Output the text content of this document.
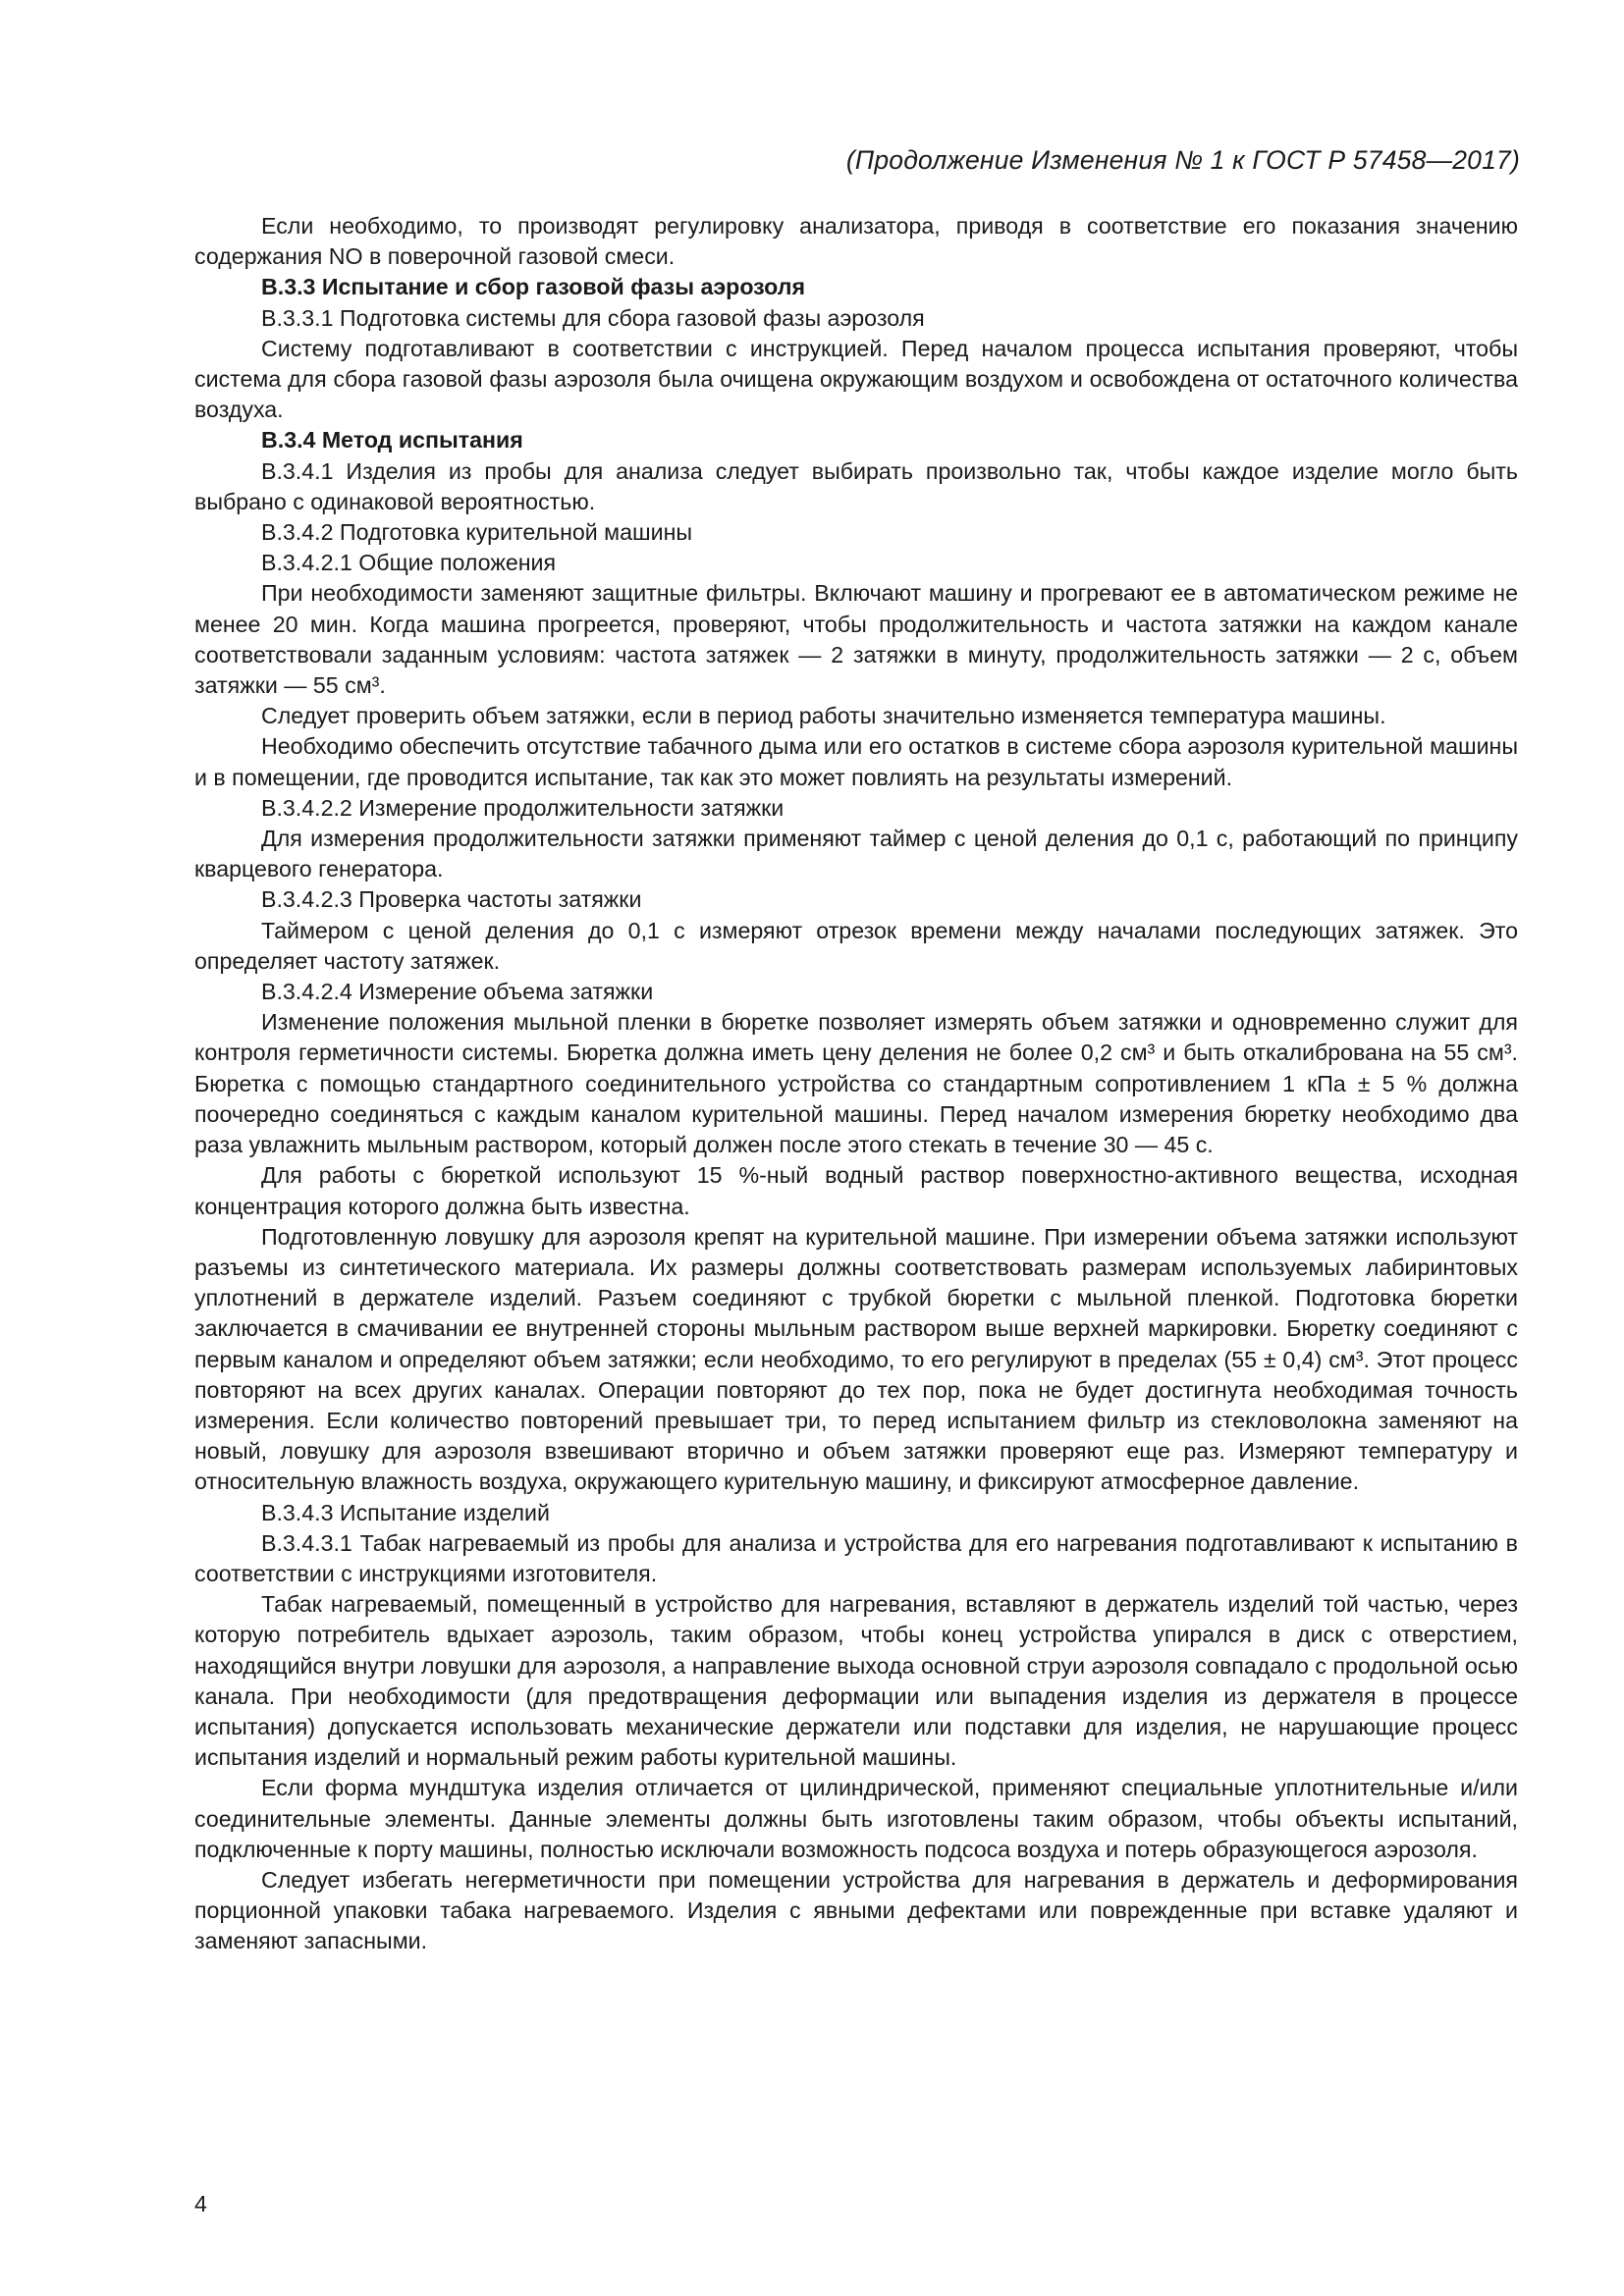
(Продолжение Изменения № 1 к ГОСТ Р 57458—2017)

Если необходимо, то производят регулировку анализатора, приводя в соответствие его показания значению содержания NO в поверочной газовой смеси.

В.3.3 Испытание и сбор газовой фазы аэрозоля

В.3.3.1 Подготовка системы для сбора газовой фазы аэрозоля

Систему подготавливают в соответствии с инструкцией. Перед началом процесса испытания проверяют, чтобы система для сбора газовой фазы аэрозоля была очищена окружающим воздухом и освобождена от остаточного количества воздуха.

В.3.4 Метод испытания

В.3.4.1 Изделия из пробы для анализа следует выбирать произвольно так, чтобы каждое изделие могло быть выбрано с одинаковой вероятностью.

В.3.4.2 Подготовка курительной машины

В.3.4.2.1 Общие положения

При необходимости заменяют защитные фильтры. Включают машину и прогревают ее в автоматическом режиме не менее 20 мин. Когда машина прогреется, проверяют, чтобы продолжительность и частота затяжки на каждом канале соответствовали заданным условиям: частота затяжек — 2 затяжки в минуту, продолжительность затяжки — 2 с, объем затяжки — 55 см³.

Следует проверить объем затяжки, если в период работы значительно изменяется температура машины.

Необходимо обеспечить отсутствие табачного дыма или его остатков в системе сбора аэрозоля курительной машины и в помещении, где проводится испытание, так как это может повлиять на результаты измерений.

В.3.4.2.2 Измерение продолжительности затяжки

Для измерения продолжительности затяжки применяют таймер с ценой деления до 0,1 с, работающий по принципу кварцевого генератора.

В.3.4.2.3 Проверка частоты затяжки

Таймером с ценой деления до 0,1 с измеряют отрезок времени между началами последующих затяжек. Это определяет частоту затяжек.

В.3.4.2.4 Измерение объема затяжки

Изменение положения мыльной пленки в бюретке позволяет измерять объем затяжки и одновременно служит для контроля герметичности системы. Бюретка должна иметь цену деления не более 0,2 см³ и быть откалибрована на 55 см³. Бюретка с помощью стандартного соединительного устройства со стандартным сопротивлением 1 кПа ± 5 % должна поочередно соединяться с каждым каналом курительной машины. Перед началом измерения бюретку необходимо два раза увлажнить мыльным раствором, который должен после этого стекать в течение 30 — 45 с.

Для работы с бюреткой используют 15 %-ный водный раствор поверхностно-активного вещества, исходная концентрация которого должна быть известна.

Подготовленную ловушку для аэрозоля крепят на курительной машине. При измерении объема затяжки используют разъемы из синтетического материала. Их размеры должны соответствовать размерам используемых лабиринтовых уплотнений в держателе изделий. Разъем соединяют с трубкой бюретки с мыльной пленкой. Подготовка бюретки заключается в смачивании ее внутренней стороны мыльным раствором выше верхней маркировки. Бюретку соединяют с первым каналом и определяют объем затяжки; если необходимо, то его регулируют в пределах (55 ± 0,4) см³. Этот процесс повторяют на всех других каналах. Операции повторяют до тех пор, пока не будет достигнута необходимая точность измерения. Если количество повторений превышает три, то перед испытанием фильтр из стекловолокна заменяют на новый, ловушку для аэрозоля взвешивают вторично и объем затяжки проверяют еще раз. Измеряют температуру и относительную влажность воздуха, окружающего курительную машину, и фиксируют атмосферное давление.

В.3.4.3 Испытание изделий

В.3.4.3.1 Табак нагреваемый из пробы для анализа и устройства для его нагревания подготавливают к испытанию в соответствии с инструкциями изготовителя.

Табак нагреваемый, помещенный в устройство для нагревания, вставляют в держатель изделий той частью, через которую потребитель вдыхает аэрозоль, таким образом, чтобы конец устройства упирался в диск с отверстием, находящийся внутри ловушки для аэрозоля, а направление выхода основной струи аэрозоля совпадало с продольной осью канала. При необходимости (для предотвращения деформации или выпадения изделия из держателя в процессе испытания) допускается использовать механические держатели или подставки для изделия, не нарушающие процесс испытания изделий и нормальный режим работы курительной машины.

Если форма мундштука изделия отличается от цилиндрической, применяют специальные уплотнительные и/или соединительные элементы. Данные элементы должны быть изготовлены таким образом, чтобы объекты испытаний, подключенные к порту машины, полностью исключали возможность подсоса воздуха и потерь образующегося аэрозоля.

Следует избегать негерметичности при помещении устройства для нагревания в держатель и деформирования порционной упаковки табака нагреваемого. Изделия с явными дефектами или поврежденные при вставке удаляют и заменяют запасными.

4
